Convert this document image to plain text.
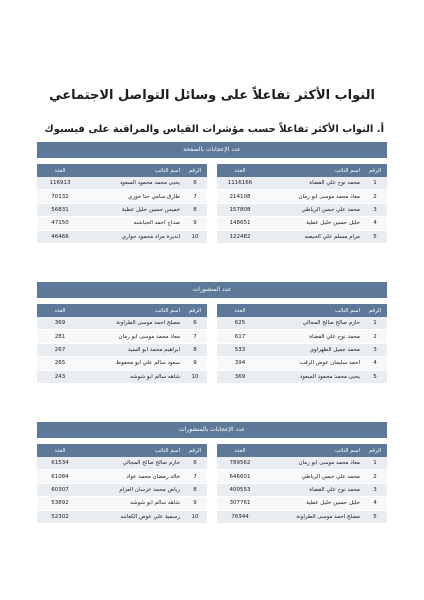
النواب الأكثر تفاعلاً على وسائل التواصل الاجتماعي
أ. النواب الأكثر تفاعلاً حسب مؤشرات القياس والمراقبة على فيسبوك
عدد الإعجابات بالصفحة
الرقم	اسم النائب	العدد
1	محمد نوح علي القضاة	1116166
2	معاذ محمد موسى ابو رمان	214108
3	محمد علي حسن الرياطي	157808
4	خليل حسين خليل عطية	148651
5	مرام مسلم علي الحيصه	122482
الرقم	اسم النائب	العدد
6	يحيى محمد محمود السعود	116913
7	طارق سامي حنا خوري	70132
8	خميس حسين خليل عطية	56831
9	صداح احمد الحباشنه	47150
10	انديرة مراد محمود حواري	46466
عدد المنشورات
الرقم	اسم النائب	العدد
1	حازم صالح صالح المجالي	625
2	محمد نوح علي القضاة	617
3	محمد جميل الظهراوي	533
4	احمد سليمان عوض الرقب	394
5	يحيى محمد محمود السعود	369
الرقم	اسم النائب	العدد
6	مصلح احمد موسى الطراونة	369
7	معاذ محمد موسى ابو رمان	281
8	ابراهيم محمد ابو السيد	267
9	سعود سالم علي ابو محفوظ	265
10	شاهه سالم ابو شوشه	243
عدد الإعجابات بالمنشورات
الرقم	اسم النائب	العدد
1	معاذ محمد موسى ابو رمان	789562
2	محمد علي حسن الرياطي	646601
3	محمد نوح علي القضاة	400553
4	خليل حسين خليل عطية	307761
5	مصلح احمد موسى الطراونة	76344
الرقم	اسم النائب	العدد
6	حازم صالح صالح المجالي	61534
7	خالد رمضان محمد عواد	61084
8	رياض محمد عرسان العزام	60307
9	شاهه سالم ابو شوشه	53892
10	رسمية علي عوض الكعابنه	52302
